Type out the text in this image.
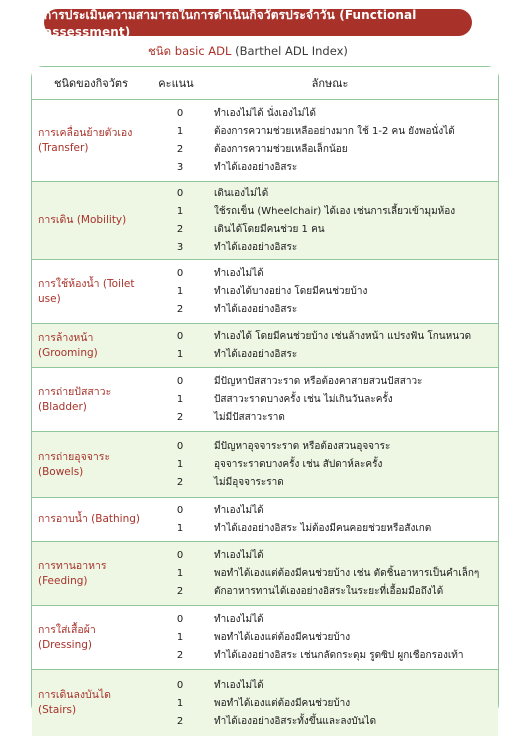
การประเมินความสามารถในการดำเนินกิจวัตรประจำวัน (Functional assessment)
ชนิด basic ADL (Barthel ADL Index)
ชนิดของกิจวัตร	คะแนน	ลักษณะ
การเคลื่อนย้ายตัวเอง (Transfer)
0	ทำเองไม่ได้ นั่งเองไม่ได้
1	ต้องการความช่วยเหลืออย่างมาก ใช้ 1-2 คน ยังพอนั่งได้
2	ต้องการความช่วยเหลือเล็กน้อย
3	ทำได้เองอย่างอิสระ
การเดิน (Mobility)
0	เดินเองไม่ได้
1	ใช้รถเข็น (Wheelchair) ได้เอง เช่นการเลี้ยวเข้ามุมห้อง
2	เดินได้โดยมีคนช่วย 1 คน
3	ทำได้เองอย่างอิสระ
การใช้ห้องน้ำ (Toilet use)
0	ทำเองไม่ได้
1	ทำเองได้บางอย่าง โดยมีคนช่วยบ้าง
2	ทำได้เองอย่างอิสระ
การล้างหน้า (Grooming)
0	ทำเองได้ โดยมีคนช่วยบ้าง เช่นล้างหน้า แปรงฟัน โกนหนวด
1	ทำได้เองอย่างอิสระ
การถ่ายปัสสาวะ (Bladder)
0	มีปัญหาปัสสาวะราด หรือต้องคาสายสวนปัสสาวะ
1	ปัสสาวะราดบางครั้ง เช่น ไม่เกินวันละครั้ง
2	ไม่มีปัสสาวะราด
การถ่ายอุจจาระ (Bowels)
0	มีปัญหาอุจจาระราด หรือต้องสวนอุจจาระ
1	อุจจาระราดบางครั้ง เช่น สัปดาห์ละครั้ง
2	ไม่มีอุจจาระราด
การอาบน้ำ (Bathing)
0	ทำเองไม่ได้
1	ทำได้เองอย่างอิสระ ไม่ต้องมีคนคอยช่วยหรือสังเกต
การทานอาหาร (Feeding)
0	ทำเองไม่ได้
1	พอทำได้เองแต่ต้องมีคนช่วยบ้าง เช่น ตัดชิ้นอาหารเป็นคำเล็กๆ
2	ตักอาหารทานได้เองอย่างอิสระในระยะที่เอื้อมมือถึงได้
การใส่เสื้อผ้า (Dressing)
0	ทำเองไม่ได้
1	พอทำได้เองแต่ต้องมีคนช่วยบ้าง
2	ทำได้เองอย่างอิสระ เช่นกลัดกระดุม รูดซิป ผูกเชือกรองเท้า
การเดินลงบันได (Stairs)
0	ทำเองไม่ได้
1	พอทำได้เองแต่ต้องมีคนช่วยบ้าง
2	ทำได้เองอย่างอิสระทั้งขึ้นและลงบันได
